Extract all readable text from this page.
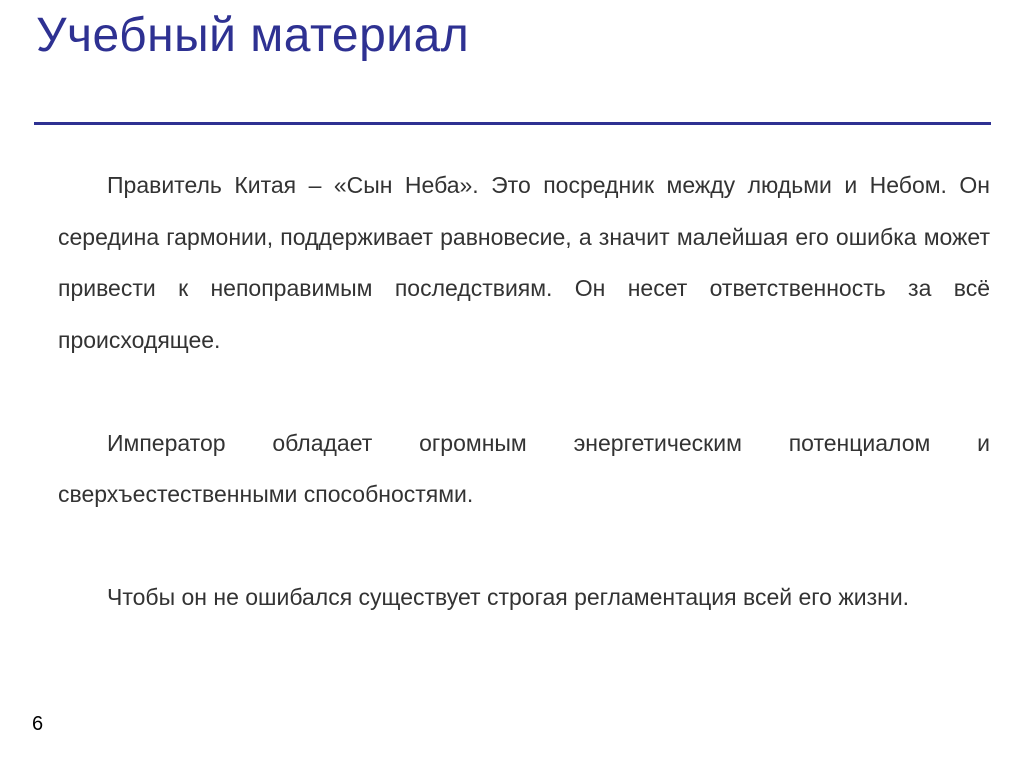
Учебный материал

Правитель Китая – «Сын Неба». Это посредник между людьми и Небом. Он середина гармонии, поддерживает равновесие, а значит малейшая его ошибка может привести к непоправимым последствиям. Он несет ответственность за всё происходящее.

Император обладает огромным энергетическим потенциалом и сверхъестественными способностями.

Чтобы он не ошибался существует строгая регламентация всей его жизни.

6
